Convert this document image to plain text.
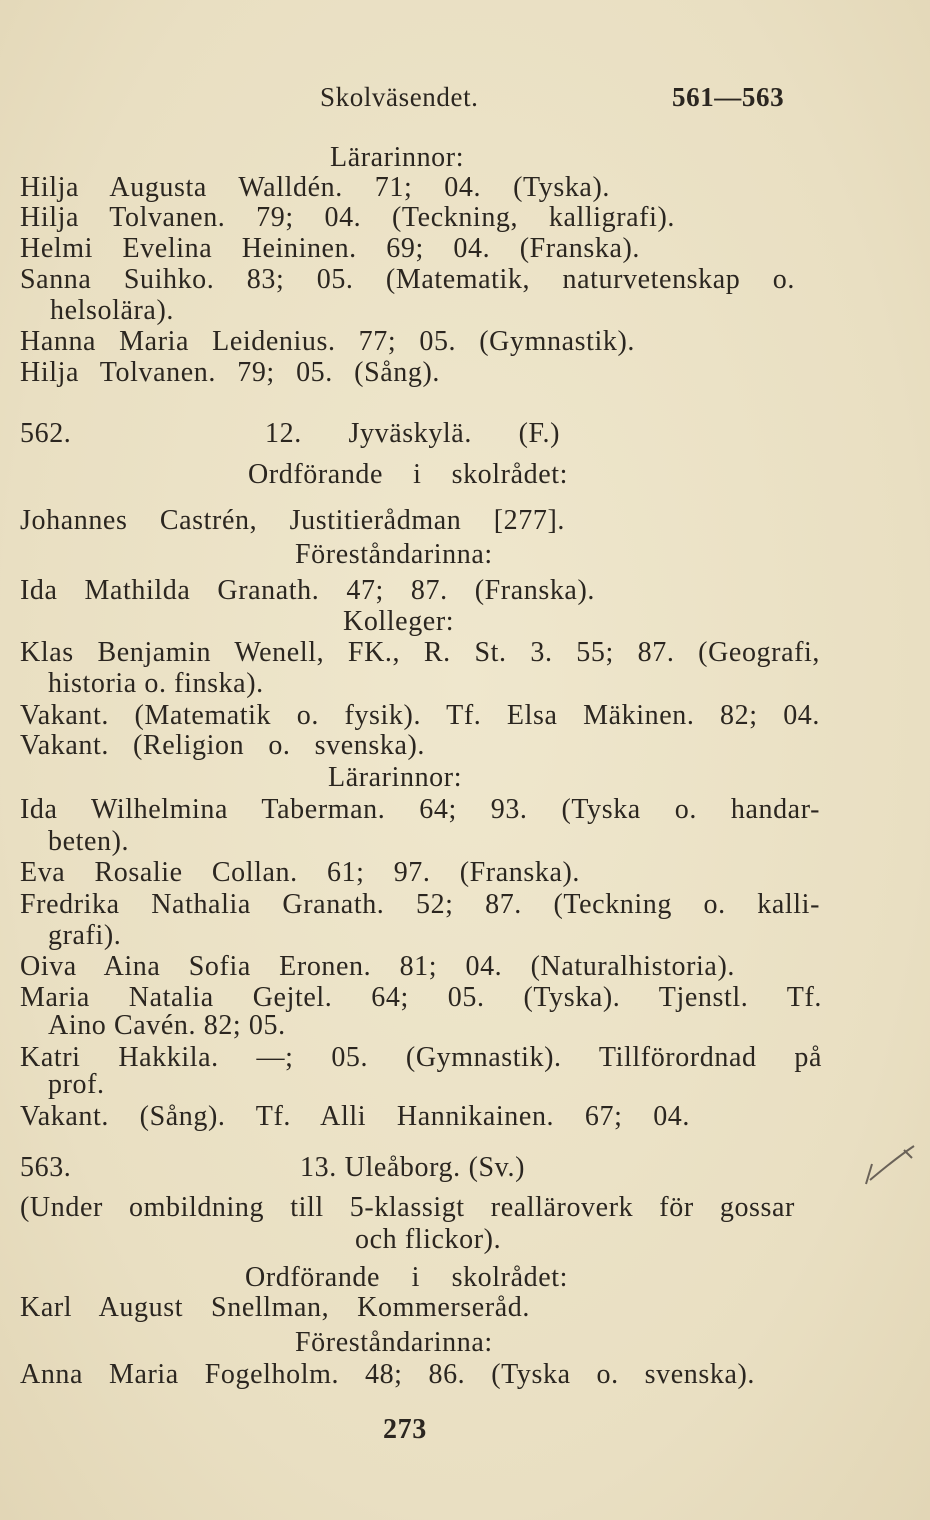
Skolväsendet.	561—563
Lärarinnor:
Hilja Augusta Walldén. 71; 04. (Tyska).
Hilja Tolvanen. 79; 04. (Teckning, kalligrafi).
Helmi Evelina Heininen. 69; 04. (Franska).
Sanna Suihko. 83; 05. (Matematik, naturvetenskap o.
helsolära).
Hanna Maria Leidenius. 77; 05. (Gymnastik).
Hilja Tolvanen. 79; 05. (Sång).
562.	12. Jyväskylä. (F.)
Ordförande i skolrådet:
Johannes Castrén, Justitierådman [277].
Föreståndarinna:
Ida Mathilda Granath. 47; 87. (Franska).
Kolleger:
Klas Benjamin Wenell, FK., R. St. 3. 55; 87. (Geografi,
historia o. finska).
Vakant. (Matematik o. fysik). Tf. Elsa Mäkinen. 82; 04.
Vakant. (Religion o. svenska).
Lärarinnor:
Ida Wilhelmina Taberman. 64; 93. (Tyska o. handar-
beten).
Eva Rosalie Collan. 61; 97. (Franska).
Fredrika Nathalia Granath. 52; 87. (Teckning o. kalli-
grafi).
Oiva Aina Sofia Eronen. 81; 04. (Naturalhistoria).
Maria Natalia Gejtel. 64; 05. (Tyska). Tjenstl. Tf.
Aino Cavén. 82; 05.
Katri Hakkila. —; 05. (Gymnastik). Tillförordnad på
prof.
Vakant. (Sång). Tf. Alli Hannikainen. 67; 04.
563.	13. Uleåborg. (Sv.)
(Under ombildning till 5-klassigt realläroverk för gossar
och flickor).
Ordförande i skolrådet:
Karl August Snellman, Kommerseråd.
Föreståndarinna:
Anna Maria Fogelholm. 48; 86. (Tyska o. svenska).
273
